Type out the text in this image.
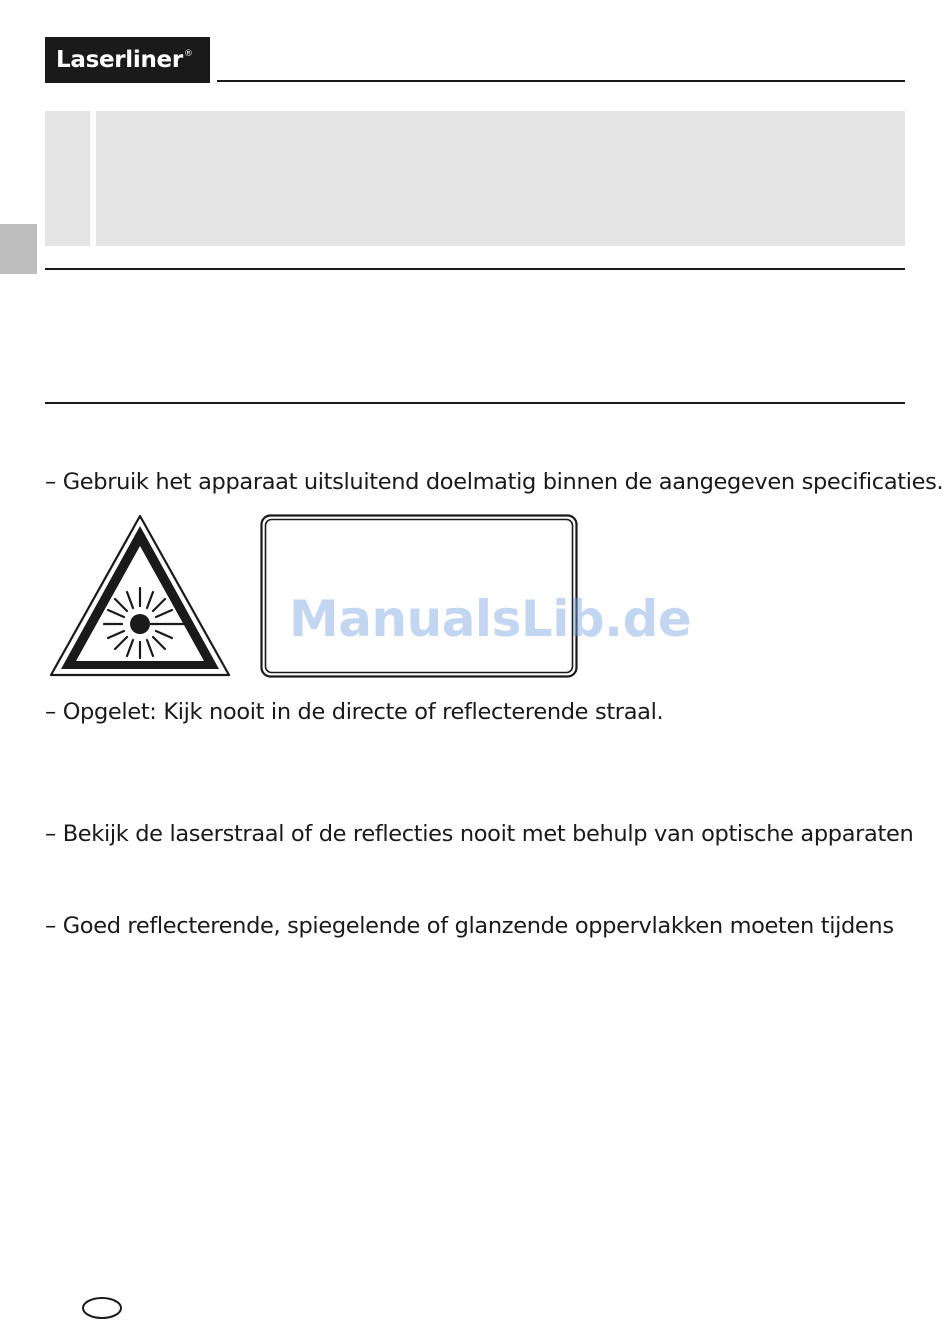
Laserliner®
– Gebruik het apparaat uitsluitend doelmatig binnen de aangegeven specificaties.
ManualsLib.de
– Opgelet: Kijk nooit in de directe of reflecterende straal.
– Bekijk de laserstraal of de reflecties nooit met behulp van optische apparaten
– Goed reflecterende, spiegelende of glanzende oppervlakken moeten tijdens
